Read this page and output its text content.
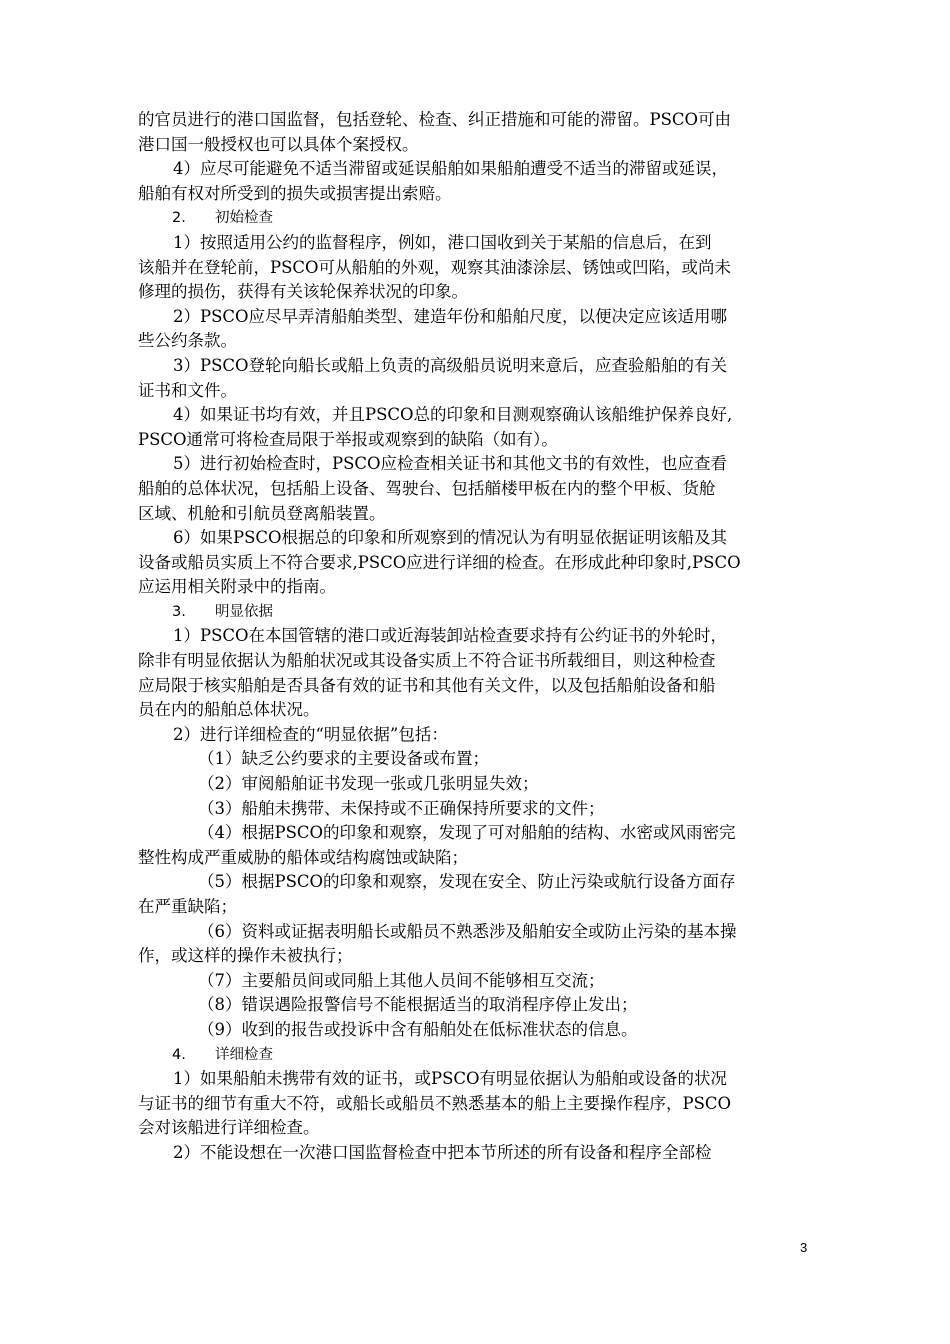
的官员进行的港口国监督，包括登轮、检查、纠正措施和可能的滞留。PSCO可由
港口国一般授权也可以具体个案授权。
4）应尽可能避免不适当滞留或延误船舶如果船舶遭受不适当的滞留或延误，
船舶有权对所受到的损失或损害提出索赔。
2. 初始检查
1）按照适用公约的监督程序，例如，港口国收到关于某船的信息后，在到
该船并在登轮前，PSCO可从船舶的外观，观察其油漆涂层、锈蚀或凹陷，或尚未
修理的损伤，获得有关该轮保养状况的印象。
2）PSCO应尽早弄清船舶类型、建造年份和船舶尺度，以便决定应该适用哪
些公约条款。
3）PSCO登轮向船长或船上负责的高级船员说明来意后，应查验船舶的有关
证书和文件。
4）如果证书均有效，并且PSCO总的印象和目测观察确认该船维护保养良好,
PSCO通常可将检查局限于举报或观察到的缺陷（如有）。
5）进行初始检查时，PSCO应检查相关证书和其他文书的有效性，也应查看
船舶的总体状况，包括船上设备、驾驶台、包括艏楼甲板在内的整个甲板、货舱
区域、机舱和引航员登离船装置。
6）如果PSCO根据总的印象和所观察到的情况认为有明显依据证明该船及其
设备或船员实质上不符合要求,PSCO应进行详细的检查。在形成此种印象时,PSCO
应运用相关附录中的指南。
3. 明显依据
1）PSCO在本国管辖的港口或近海装卸站检查要求持有公约证书的外轮时，
除非有明显依据认为船舶状况或其设备实质上不符合证书所载细目，则这种检查
应局限于核实船舶是否具备有效的证书和其他有关文件，以及包括船舶设备和船
员在内的船舶总体状况。
2）进行详细检查的“明显依据”包括：
（1）缺乏公约要求的主要设备或布置；
（2）审阅船舶证书发现一张或几张明显失效；
（3）船舶未携带、未保持或不正确保持所要求的文件；
（4）根据PSCO的印象和观察，发现了可对船舶的结构、水密或风雨密完
整性构成严重威胁的船体或结构腐蚀或缺陷；
（5）根据PSCO的印象和观察，发现在安全、防止污染或航行设备方面存
在严重缺陷；
（6）资料或证据表明船长或船员不熟悉涉及船舶安全或防止污染的基本操
作，或这样的操作未被执行；
（7）主要船员间或同船上其他人员间不能够相互交流；
（8）错误遇险报警信号不能根据适当的取消程序停止发出；
（9）收到的报告或投诉中含有船舶处在低标准状态的信息。
4. 详细检查
1）如果船舶未携带有效的证书，或PSCO有明显依据认为船舶或设备的状况
与证书的细节有重大不符，或船长或船员不熟悉基本的船上主要操作程序，PSCO
会对该船进行详细检查。
2）不能设想在一次港口国监督检查中把本节所述的所有设备和程序全部检
3
